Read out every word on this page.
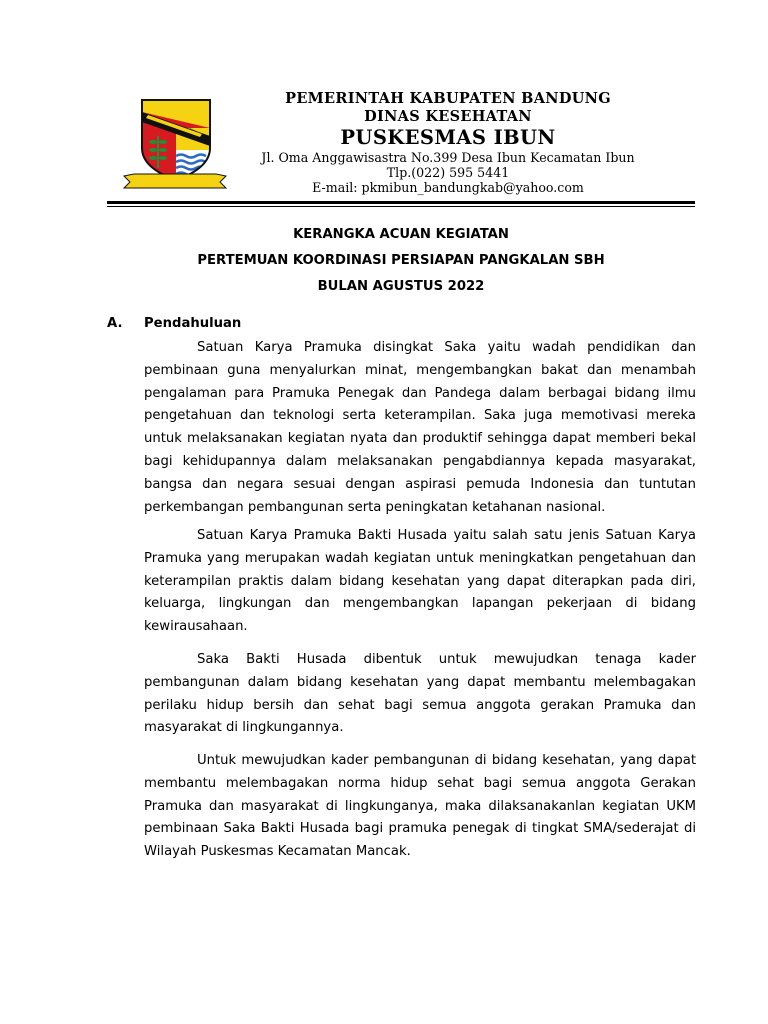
PEMERINTAH KABUPATEN BANDUNG
DINAS KESEHATAN
PUSKESMAS IBUN
Jl. Oma Anggawisastra No.399 Desa Ibun Kecamatan Ibun
Tlp.(022) 595 5441
E-mail: pkmibun_bandungkab@yahoo.com
KERANGKA ACUAN KEGIATAN
PERTEMUAN KOORDINASI PERSIAPAN PANGKALAN SBH
BULAN AGUSTUS 2022
A. Pendahuluan

Satuan Karya Pramuka disingkat Saka yaitu wadah pendidikan dan pembinaan guna menyalurkan minat, mengembangkan bakat dan menambah pengalaman para Pramuka Penegak dan Pandega dalam berbagai bidang ilmu pengetahuan dan teknologi serta keterampilan. Saka juga memotivasi mereka untuk melaksanakan kegiatan nyata dan produktif sehingga dapat memberi bekal bagi kehidupannya dalam melaksanakan pengabdiannya kepada masyarakat, bangsa dan negara sesuai dengan aspirasi pemuda Indonesia dan tuntutan perkembangan pembangunan serta peningkatan ketahanan nasional.

Satuan Karya Pramuka Bakti Husada yaitu salah satu jenis Satuan Karya Pramuka yang merupakan wadah kegiatan untuk meningkatkan pengetahuan dan keterampilan praktis dalam bidang kesehatan yang dapat diterapkan pada diri, keluarga, lingkungan dan mengembangkan lapangan pekerjaan di bidang kewirausahaan.

Saka Bakti Husada dibentuk untuk mewujudkan tenaga kader pembangunan dalam bidang kesehatan yang dapat membantu melembagakan perilaku hidup bersih dan sehat bagi semua anggota gerakan Pramuka dan masyarakat di lingkungannya.

Untuk mewujudkan kader pembangunan di bidang kesehatan, yang dapat membantu melembagakan norma hidup sehat bagi semua anggota Gerakan Pramuka dan masyarakat di lingkunganya, maka dilaksanakanlan kegiatan UKM pembinaan Saka Bakti Husada bagi pramuka penegak di tingkat SMA/sederajat di Wilayah Puskesmas Kecamatan Mancak.
